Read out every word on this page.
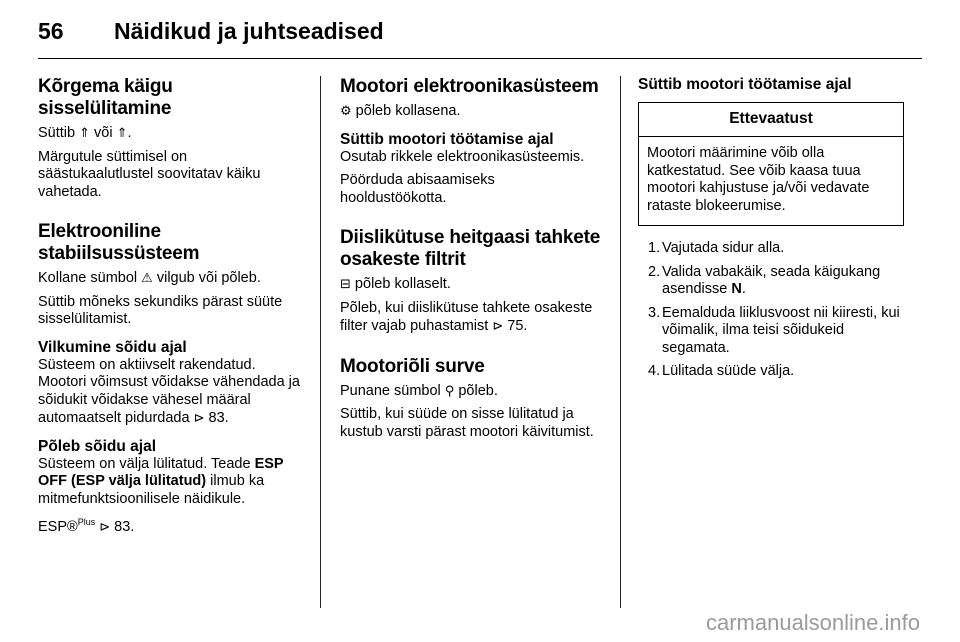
56 Näidikud ja juhtseadised
Kõrgema käigu sisselülitamine

Süttib ⇑ või ⇑.

Märgutule süttimisel on säästukaalutlustel soovitatav käiku vahetada.

Elektrooniline stabiilsussüsteem

Kollane sümbol ⚠ vilgub või põleb.

Süttib mõneks sekundiks pärast süüte sisselülitamist.

Vilkumine sõidu ajal

Süsteem on aktiivselt rakendatud. Mootori võimsust võidakse vähendada ja sõidukit võidakse vähesel määral automaatselt pidurdada ⊳ 83.

Põleb sõidu ajal

Süsteem on välja lülitatud. Teade ESP OFF (ESP välja lülitatud) ilmub ka mitmefunktsioonilisele näidikule.

ESP®$^{Plus}$ ⊳ 83.

Mootori elektroonikasüsteem

⚙ põleb kollasena.

Süttib mootori töötamise ajal

Osutab rikkele elektroonikasüsteemis.

Pöörduda abisaamiseks hooldustöökotta.

Diislikütuse heitgaasi tahkete osakeste filtrit

⊟ põleb kollaselt.

Põleb, kui diislikütuse tahkete osakeste filter vajab puhastamist ⊳ 75.

Mootoriõli surve

Punane sümbol ⚲ põleb.

Süttib, kui süüde on sisse lülitatud ja kustub varsti pärast mootori käivitumist.

Süttib mootori töötamise ajal
Ettevaatust
Mootori määrimine võib olla katkestatud. See võib kaasa tuua mootori kahjustuse ja/või vedavate rataste blokeerumise.
1. Vajutada sidur alla.
2. Valida vabakäik, seada käigukang asendisse N.
3. Eemalduda liiklusvoost nii kiiresti, kui võimalik, ilma teisi sõidukeid segamata.
4. Lülitada süüde välja.
carmanualsonline.info
